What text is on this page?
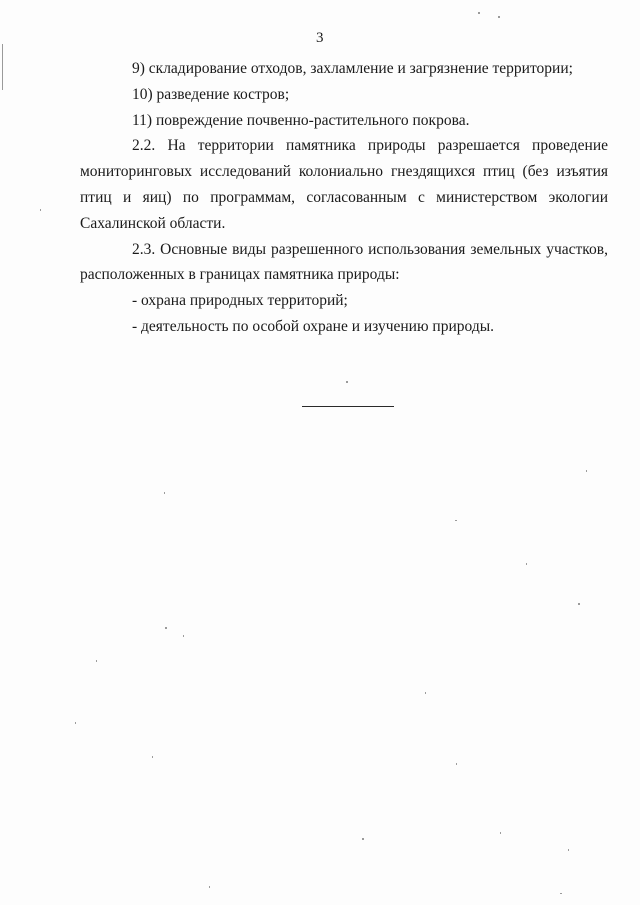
3

9) складирование отходов, захламление и загрязнение территории;

10) разведение костров;

11) повреждение почвенно-растительного покрова.

2.2. На территории памятника природы разрешается проведение мониторинговых исследований колониально гнездящихся птиц (без изъятия птиц и яиц) по программам, согласованным с министерством экологии Сахалинской области.

2.3. Основные виды разрешенного использования земельных участков, расположенных в границах памятника природы:

- охрана природных территорий;

- деятельность по особой охране и изучению природы.
